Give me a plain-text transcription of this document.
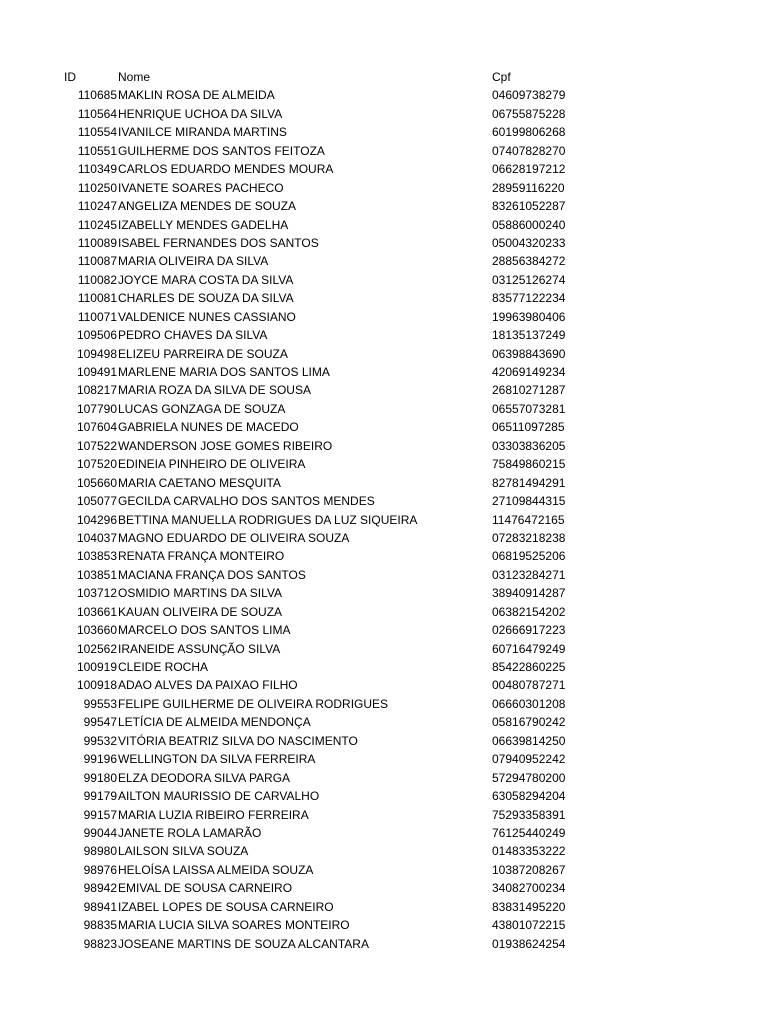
ID	Nome	Cpf
110685 MAKLIN ROSA DE ALMEIDA	04609738279
110564 HENRIQUE UCHOA DA SILVA	06755875228
110554 IVANILCE MIRANDA MARTINS	60199806268
110551 GUILHERME DOS SANTOS FEITOZA	07407828270
110349 CARLOS EDUARDO MENDES MOURA	06628197212
110250 IVANETE SOARES PACHECO	28959116220
110247 ANGELIZA MENDES DE SOUZA	83261052287
110245 IZABELLY MENDES GADELHA	05886000240
110089 ISABEL FERNANDES DOS SANTOS	05004320233
110087 MARIA OLIVEIRA DA SILVA	28856384272
110082 JOYCE MARA COSTA DA SILVA	03125126274
110081 CHARLES DE SOUZA DA SILVA	83577122234
110071 VALDENICE NUNES CASSIANO	19963980406
109506 PEDRO CHAVES DA SILVA	18135137249
109498 ELIZEU PARREIRA DE SOUZA	06398843690
109491 MARLENE MARIA DOS SANTOS LIMA	42069149234
108217 MARIA ROZA DA SILVA DE SOUSA	26810271287
107790 LUCAS GONZAGA DE SOUZA	06557073281
107604 GABRIELA NUNES DE MACEDO	06511097285
107522 WANDERSON JOSE GOMES RIBEIRO	03303836205
107520 EDINEIA PINHEIRO DE OLIVEIRA	75849860215
105660 MARIA CAETANO MESQUITA	82781494291
105077 GECILDA CARVALHO DOS SANTOS MENDES	27109844315
104296 BETTINA MANUELLA RODRIGUES DA LUZ SIQUEIRA	11476472165
104037 MAGNO EDUARDO DE OLIVEIRA SOUZA	07283218238
103853 RENATA FRANÇA MONTEIRO	06819525206
103851 MACIANA FRANÇA DOS SANTOS	03123284271
103712 OSMIDIO MARTINS DA SILVA	38940914287
103661 KAUAN OLIVEIRA DE SOUZA	06382154202
103660 MARCELO DOS SANTOS LIMA	02666917223
102562 IRANEIDE ASSUNÇÃO SILVA	60716479249
100919 CLEIDE ROCHA	85422860225
100918 ADAO ALVES DA PAIXAO FILHO	00480787271
99553 FELIPE GUILHERME DE OLIVEIRA RODRIGUES	06660301208
99547 LETÍCIA DE ALMEIDA MENDONÇA	05816790242
99532 VITÓRIA BEATRIZ SILVA DO NASCIMENTO	06639814250
99196 WELLINGTON DA SILVA FERREIRA	07940952242
99180 ELZA DEODORA SILVA PARGA	57294780200
99179 AILTON MAURISSIO DE CARVALHO	63058294204
99157 MARIA LUZIA RIBEIRO FERREIRA	75293358391
99044 JANETE ROLA LAMARÃO	76125440249
98980 LAILSON SILVA SOUZA	01483353222
98976 HELOÍSA LAISSA ALMEIDA SOUZA	10387208267
98942 EMIVAL DE SOUSA CARNEIRO	34082700234
98941 IZABEL LOPES DE SOUSA CARNEIRO	83831495220
98835 MARIA LUCIA SILVA SOARES MONTEIRO	43801072215
98823 JOSEANE MARTINS DE SOUZA ALCANTARA	01938624254
